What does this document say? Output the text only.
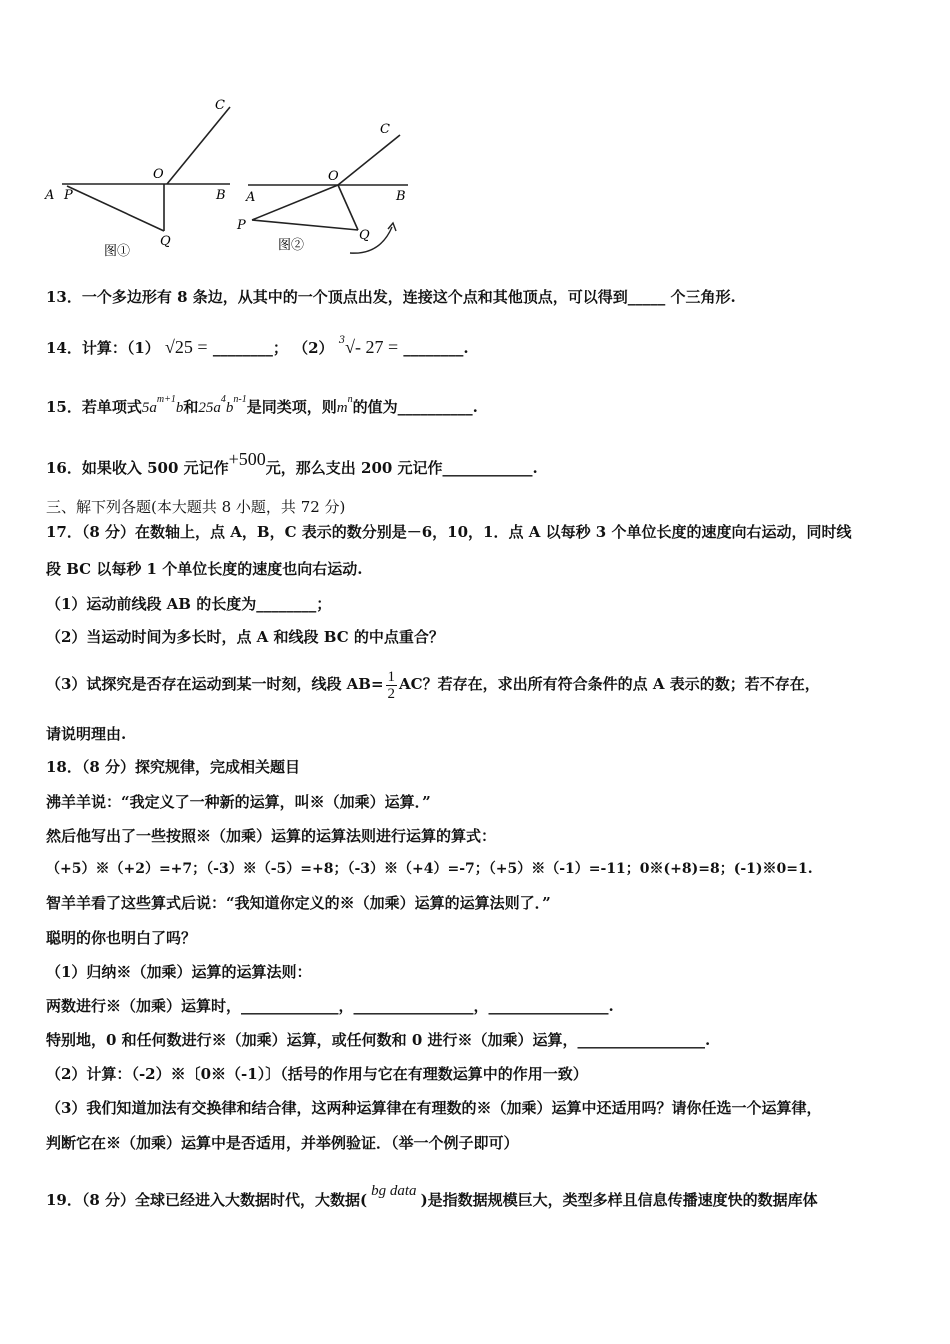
C
O
A P	B
Q
图①
C
O
A	B
P
Q
图②
13．一个多边形有 8 条边，从其中的一个顶点出发，连接这个点和其他顶点，可以得到_____ 个三角形.
14．计算：（1） √25 = ________； （2） $^3$√- 27 = ________.
15．若单项式$5a^{m+1}b$和$25a^4b^{n-1}$是同类项，则$m^n$的值为__________.
16．如果收入 500 元记作+500元，那么支出 200 元记作____________.
三、解下列各题(本大题共 8 小题，共 72 分)
17．（8 分）在数轴上，点 A，B，C 表示的数分别是－6，10，1．点 A 以每秒 3 个单位长度的速度向右运动，同时线
段 BC 以每秒 1 个单位长度的速度也向右运动.
（1）运动前线段 AB 的长度为________；
（2）当运动时间为多长时，点 A 和线段 BC 的中点重合？
（3）试探究是否存在运动到某一时刻，线段 $AB= \frac{1}{2}$ AC？若存在，求出所有符合条件的点 A 表示的数；若不存在，
请说明理由.
18．（8 分）探究规律，完成相关题目
沸羊羊说：“我定义了一种新的运算，叫※（加乘）运算．”
然后他写出了一些按照※（加乘）运算的运算法则进行运算的算式：
（+5）※（+2）=+7；（-3）※（-5）=+8；（-3）※（+4）=-7；（+5）※（-1）=-11；0※(+8)=8；(-1)※0=1.
智羊羊看了这些算式后说：“我知道你定义的※（加乘）运算的运算法则了．”
聪明的你也明白了吗？
（1）归纳※（加乘）运算的运算法则：
两数进行※（加乘）运算时，_____________，________________，________________.
特别地，0 和任何数进行※（加乘）运算，或任何数和 0 进行※（加乘）运算，_________________.
（2）计算：（-2）※〔0※（-1）〕（括号的作用与它在有理数运算中的作用一致）
（3）我们知道加法有交换律和结合律，这两种运算律在有理数的※（加乘）运算中还适用吗？请你任选一个运算律，
判断它在※（加乘）运算中是否适用，并举例验证．（举一个例子即可）
19．（8 分）全球已经进入大数据时代，大数据( bg data )是指数据规模巨大，类型多样且信息传播速度快的数据库体
